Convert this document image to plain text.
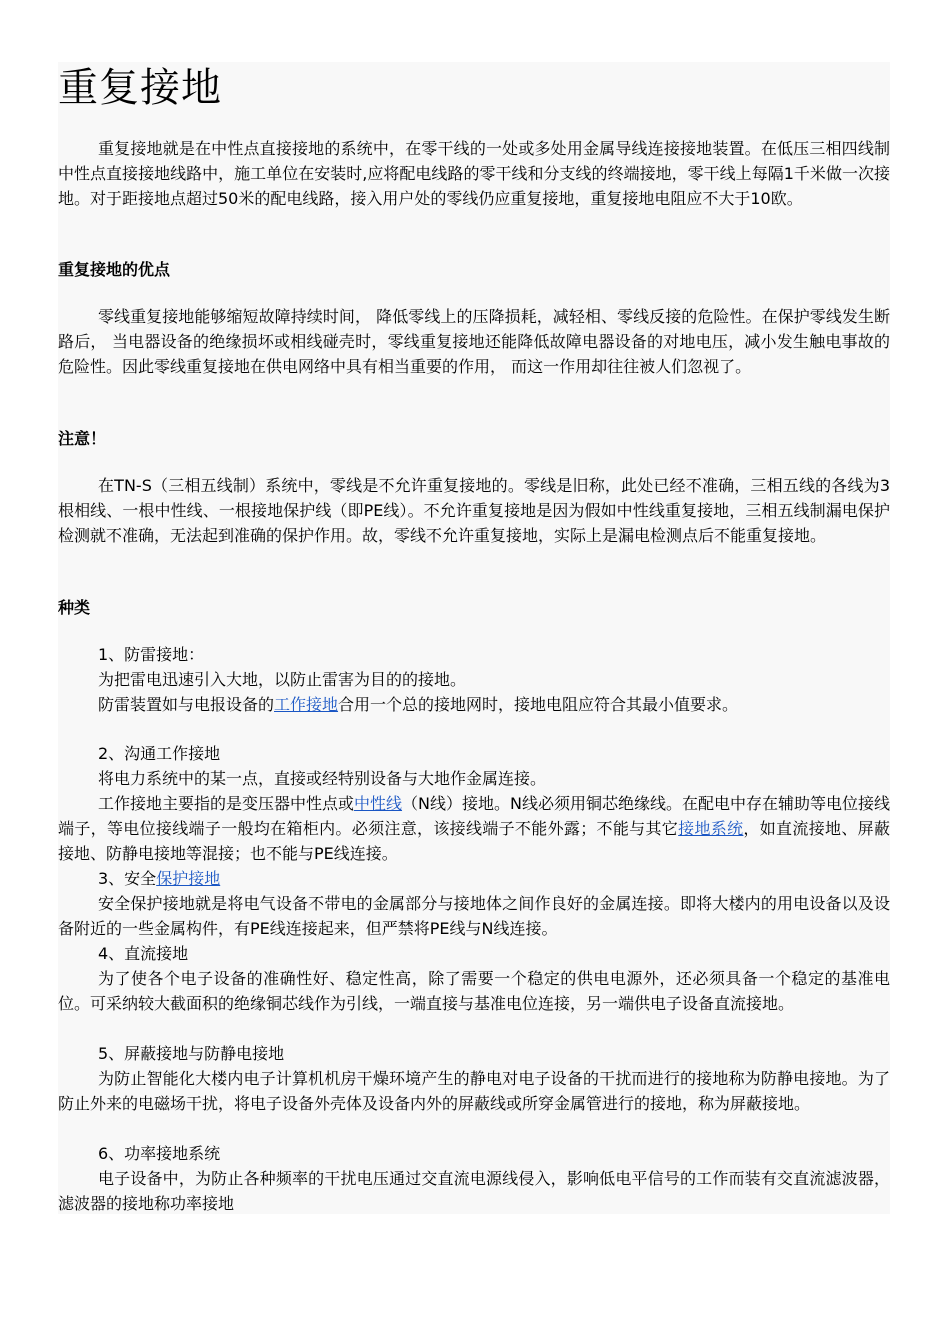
重复接地

重复接地就是在中性点直接接地的系统中，在零干线的一处或多处用金属导线连接接地装置。在低压三相四线制中性点直接接地线路中，施工单位在安装时,应将配电线路的零干线和分支线的终端接地，零干线上每隔1千米做一次接地。对于距接地点超过50米的配电线路，接入用户处的零线仍应重复接地，重复接地电阻应不大于10欧。

重复接地的优点

零线重复接地能够缩短故障持续时间， 降低零线上的压降损耗，减轻相、零线反接的危险性。在保护零线发生断路后， 当电器设备的绝缘损坏或相线碰壳时，零线重复接地还能降低故障电器设备的对地电压，减小发生触电事故的危险性。因此零线重复接地在供电网络中具有相当重要的作用， 而这一作用却往往被人们忽视了。

注意！

在TN-S（三相五线制）系统中，零线是不允许重复接地的。零线是旧称，此处已经不准确，三相五线的各线为3根相线、一根中性线、一根接地保护线（即PE线）。不允许重复接地是因为假如中性线重复接地，三相五线制漏电保护检测就不准确，无法起到准确的保护作用。故，零线不允许重复接地，实际上是漏电检测点后不能重复接地。

种类

1、防雷接地：

为把雷电迅速引入大地，以防止雷害为目的的接地。

防雷装置如与电报设备的工作接地合用一个总的接地网时，接地电阻应符合其最小值要求。

2、沟通工作接地

将电力系统中的某一点，直接或经特别设备与大地作金属连接。

工作接地主要指的是变压器中性点或中性线（N线）接地。N线必须用铜芯绝缘线。在配电中存在辅助等电位接线端子，等电位接线端子一般均在箱柜内。必须注意，该接线端子不能外露；不能与其它接地系统，如直流接地、屏蔽接地、防静电接地等混接；也不能与PE线连接。

3、安全保护接地

安全保护接地就是将电气设备不带电的金属部分与接地体之间作良好的金属连接。即将大楼内的用电设备以及设备附近的一些金属构件，有PE线连接起来，但严禁将PE线与N线连接。

4、直流接地

为了使各个电子设备的准确性好、稳定性高，除了需要一个稳定的供电电源外，还必须具备一个稳定的基准电位。可采纳较大截面积的绝缘铜芯线作为引线，一端直接与基准电位连接，另一端供电子设备直流接地。

5、屏蔽接地与防静电接地

为防止智能化大楼内电子计算机机房干燥环境产生的静电对电子设备的干扰而进行的接地称为防静电接地。为了防止外来的电磁场干扰，将电子设备外壳体及设备内外的屏蔽线或所穿金属管进行的接地，称为屏蔽接地。

6、功率接地系统

电子设备中，为防止各种频率的干扰电压通过交直流电源线侵入，影响低电平信号的工作而装有交直流滤波器，滤波器的接地称功率接地
